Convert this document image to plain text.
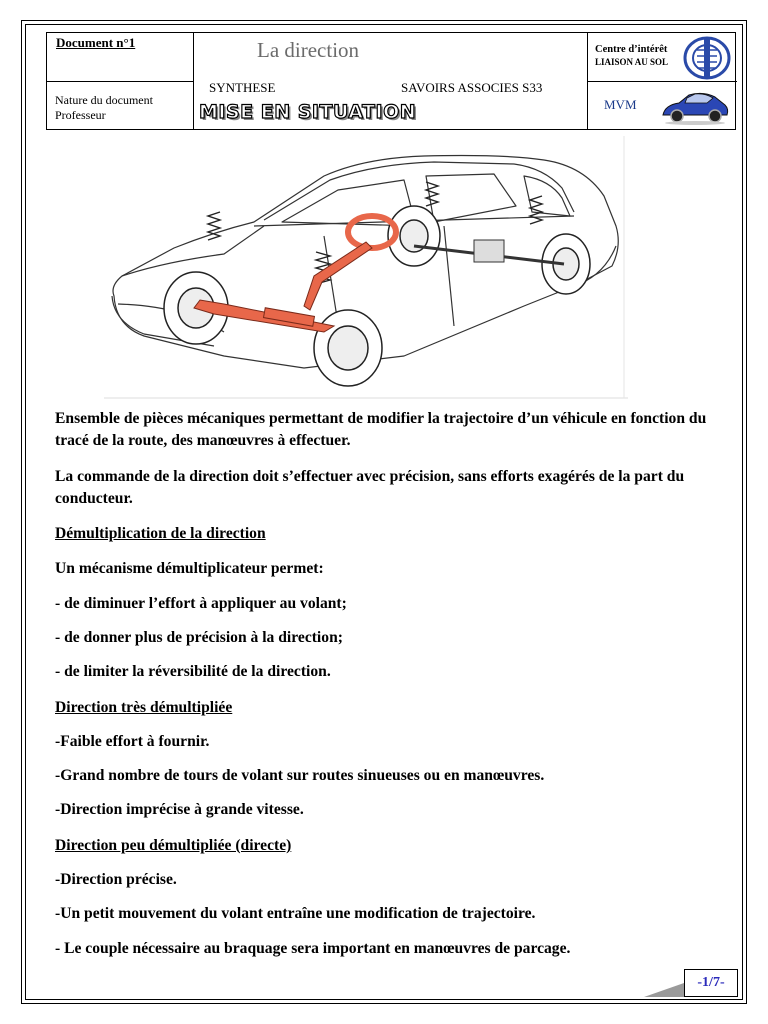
Document n°1
Nature du document
Professeur
La direction
SYNTHESE	SAVOIRS ASSOCIES S33
MISE EN SITUATION
Centre d’intérêt
LIAISON AU SOL
MVM
Ensemble de pièces mécaniques permettant de modifier la trajectoire d’un véhicule en fonction du tracé de la route, des manœuvres à effectuer.
La commande de la direction doit s’effectuer avec précision, sans efforts exagérés de la part du conducteur.
Démultiplication de la direction
Un mécanisme démultiplicateur permet:
- de diminuer l’effort à appliquer au volant;
- de donner plus de précision à la direction;
- de limiter la réversibilité de la direction.
Direction très démultipliée
-Faible effort à fournir.
-Grand nombre de tours de volant sur routes sinueuses ou en manœuvres.
-Direction imprécise à grande vitesse.
Direction peu démultipliée (directe)
-Direction précise.
-Un petit mouvement du volant entraîne une modification de trajectoire.
- Le couple nécessaire au braquage sera important en manœuvres de parcage.
-1/7-
